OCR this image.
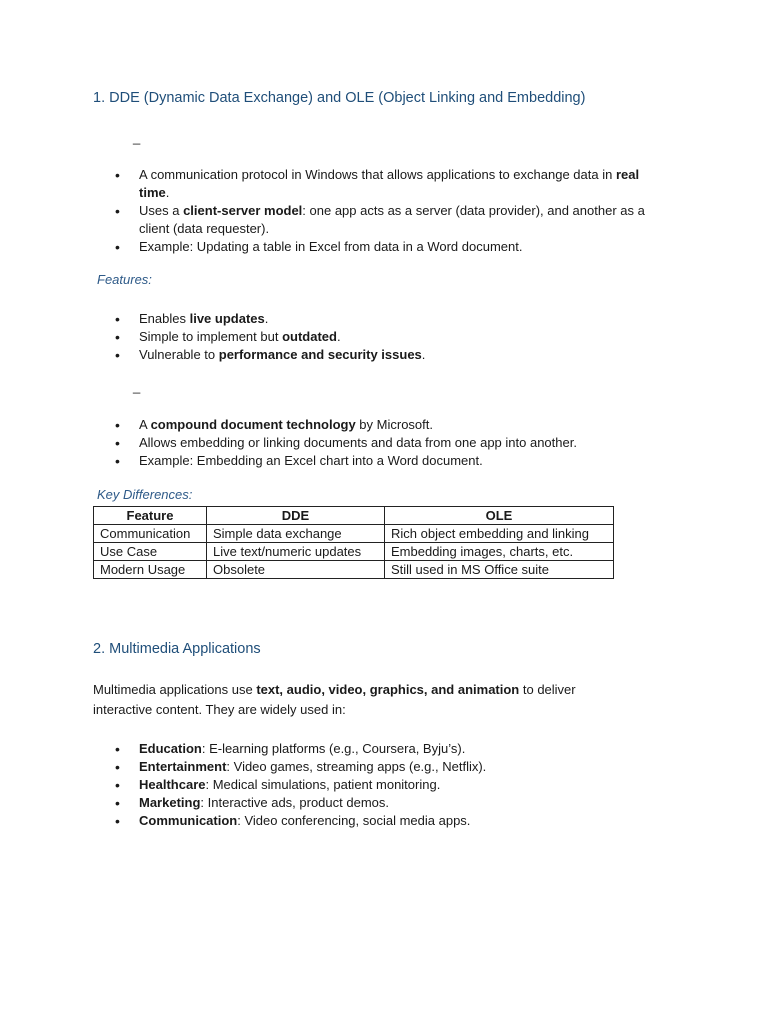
1. DDE (Dynamic Data Exchange) and OLE (Object Linking and Embedding)
_
• A communication protocol in Windows that allows applications to exchange data in real time.
• Uses a client-server model: one app acts as a server (data provider), and another as a client (data requester).
• Example: Updating a table in Excel from data in a Word document.
Features:
• Enables live updates.
• Simple to implement but outdated.
• Vulnerable to performance and security issues.
_
• A compound document technology by Microsoft.
• Allows embedding or linking documents and data from one app into another.
• Example: Embedding an Excel chart into a Word document.
Key Differences:
Feature	DDE	OLE
Communication	Simple data exchange	Rich object embedding and linking
Use Case	Live text/numeric updates	Embedding images, charts, etc.
Modern Usage	Obsolete	Still used in MS Office suite
2. Multimedia Applications
Multimedia applications use text, audio, video, graphics, and animation to deliver interactive content. They are widely used in:
• Education: E-learning platforms (e.g., Coursera, Byju’s).
• Entertainment: Video games, streaming apps (e.g., Netflix).
• Healthcare: Medical simulations, patient monitoring.
• Marketing: Interactive ads, product demos.
• Communication: Video conferencing, social media apps.
